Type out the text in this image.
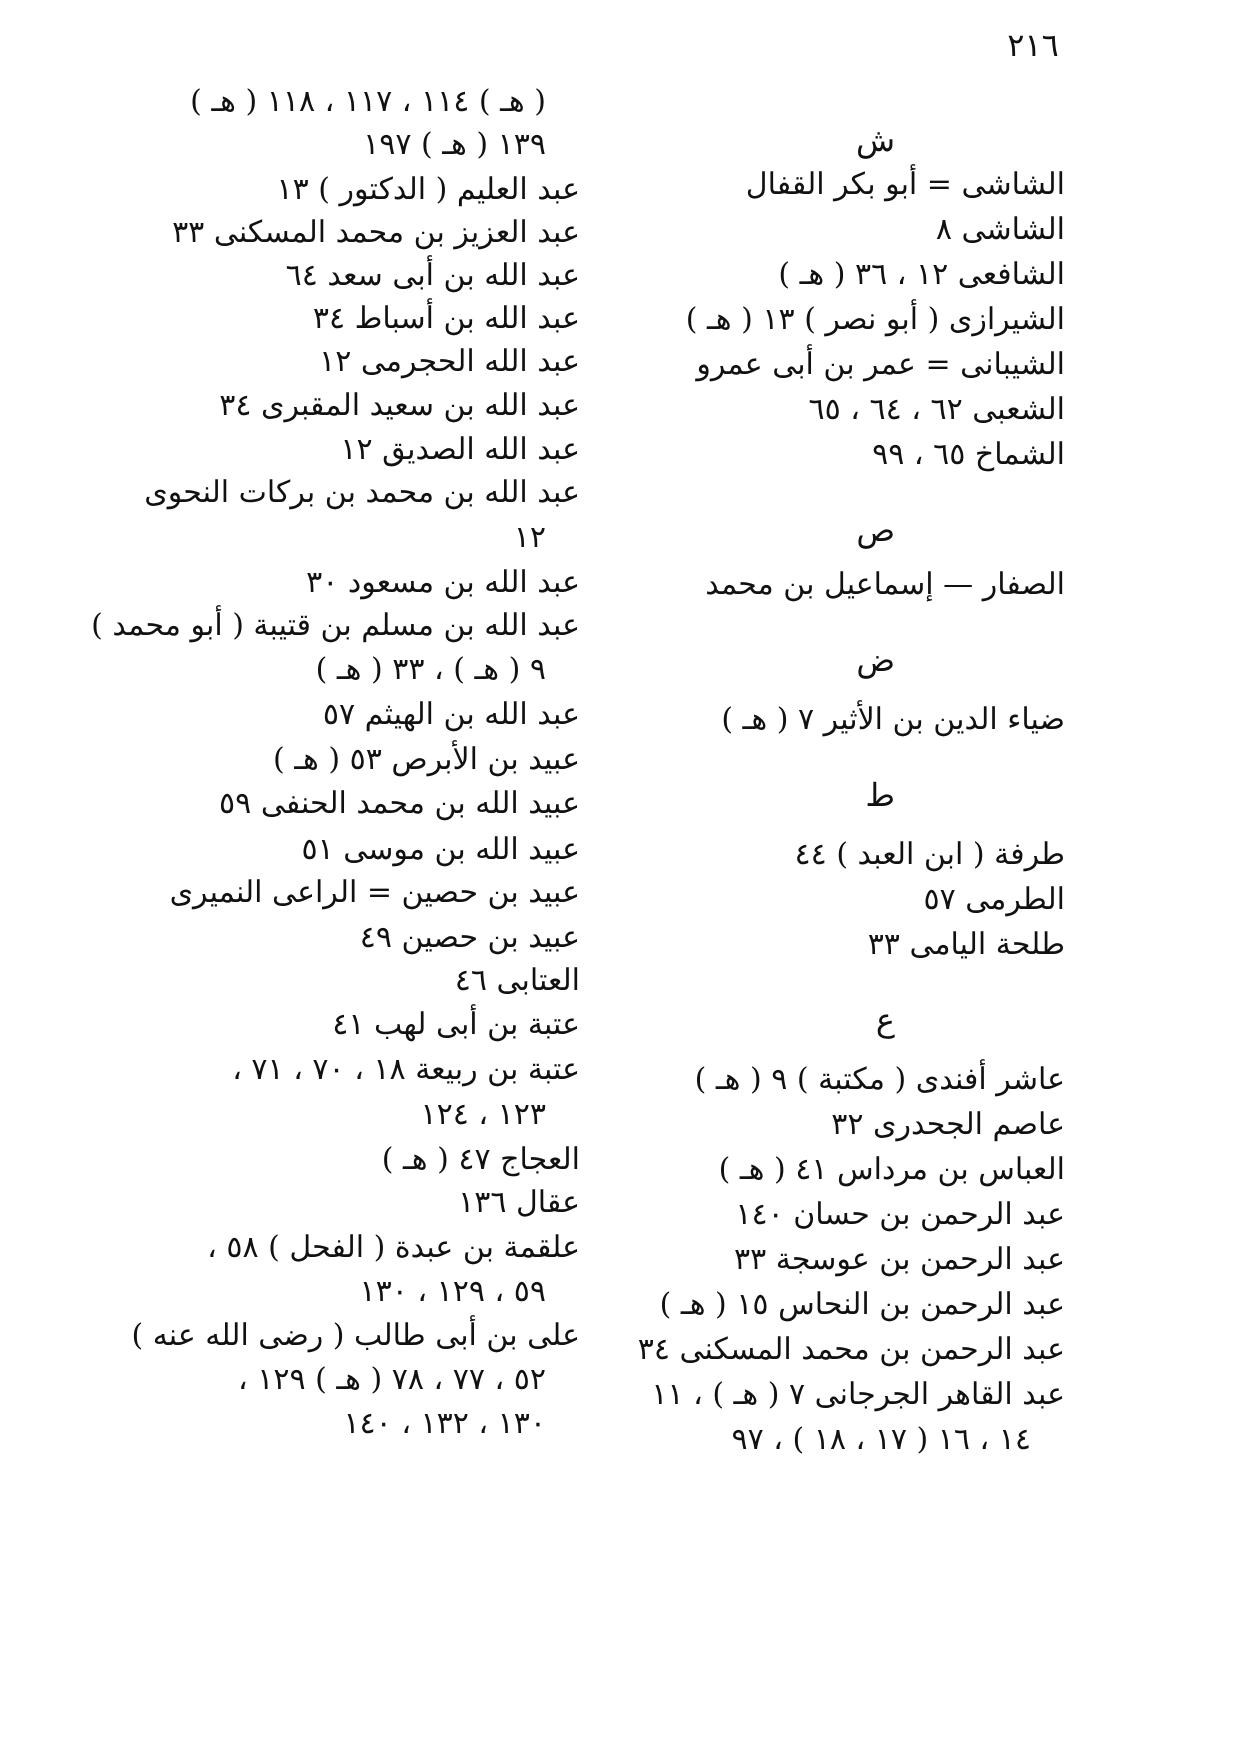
٢١٦
( هـ ) ١١٤ ، ١١٧ ، ١١٨ ( هـ )
١٣٩ ( هـ ) ١٩٧
عبد العليم ( الدكتور ) ١٣
عبد العزيز بن محمد المسكنى ٣٣
عبد الله بن أبى سعد ٦٤
عبد الله بن أسباط ٣٤
عبد الله الحجرمى ١٢
عبد الله بن سعيد المقبرى ٣٤
عبد الله الصديق ١٢
عبد الله بن محمد بن بركات النحوى
١٢
عبد الله بن مسعود ٣٠
عبد الله بن مسلم بن قتيبة ( أبو محمد )
٩ ( هـ ) ، ٣٣ ( هـ )
عبد الله بن الهيثم ٥٧
عبيد بن الأبرص ٥٣ ( هـ )
عبيد الله بن محمد الحنفى ٥٩
عبيد الله بن موسى ٥١
عبيد بن حصين = الراعى النميرى
عبيد بن حصين ٤٩
العتابى ٤٦
عتبة بن أبى لهب ٤١
عتبة بن ربيعة ١٨ ، ٧٠ ، ٧١ ،
١٢٣ ، ١٢٤
العجاج ٤٧ ( هـ )
عقال ١٣٦
علقمة بن عبدة ( الفحل ) ٥٨ ،
٥٩ ، ١٢٩ ، ١٣٠
على بن أبى طالب ( رضى الله عنه )
٥٢ ، ٧٧ ، ٧٨ ( هـ ) ١٢٩ ،
١٣٠ ، ١٣٢ ، ١٤٠
ش
الشاشى = أبو بكر القفال
الشاشى ٨
الشافعى ١٢ ، ٣٦ ( هـ )
الشيرازى ( أبو نصر ) ١٣ ( هـ )
الشيبانى = عمر بن أبى عمرو
الشعبى ٦٢ ، ٦٤ ، ٦٥
الشماخ ٦٥ ، ٩٩
ص
الصفار — إسماعيل بن محمد
ض
ضياء الدين بن الأثير ٧ ( هـ )
ط
طرفة ( ابن العبد ) ٤٤
الطرمى ٥٧
طلحة اليامى ٣٣
ع
عاشر أفندى ( مكتبة ) ٩ ( هـ )
عاصم الجحدرى ٣٢
العباس بن مرداس ٤١ ( هـ )
عبد الرحمن بن حسان ١٤٠
عبد الرحمن بن عوسجة ٣٣
عبد الرحمن بن النحاس ١٥ ( هـ )
عبد الرحمن بن محمد المسكنى ٣٤
عبد القاهر الجرجانى ٧ ( هـ ) ، ١١
١٤ ، ١٦ ( ١٧ ، ١٨ ) ، ٩٧
